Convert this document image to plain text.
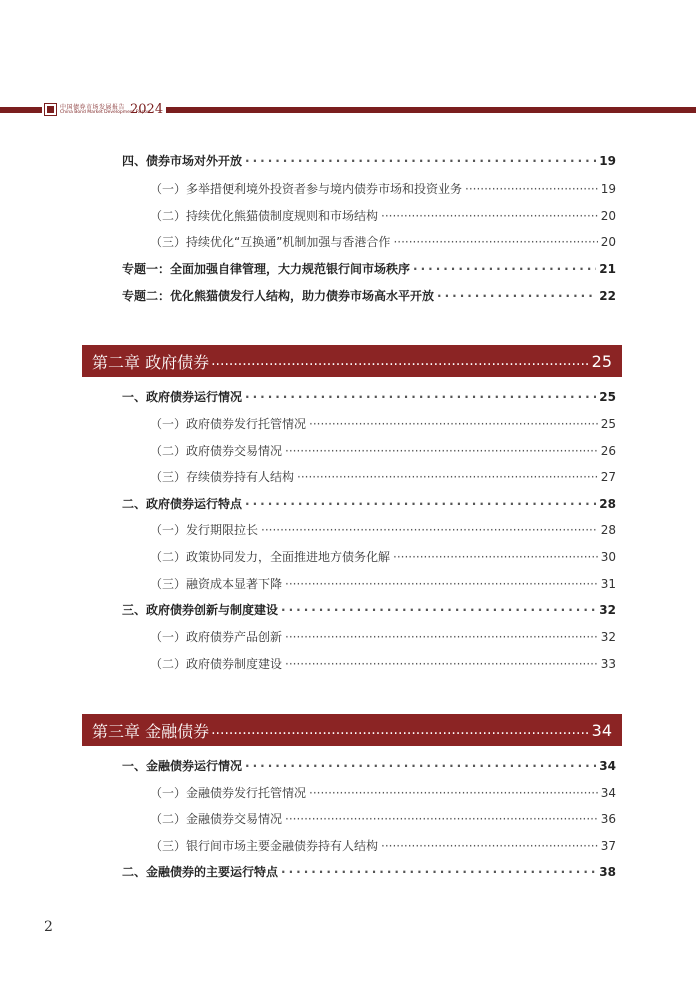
中国债券市场发展报告
China Bond Market Development Report
2024
四、债券市场对外开放 ·····	19
（一）多举措便利境外投资者参与境内债券市场和投资业务 ·····	19
（二）持续优化熊猫债制度规则和市场结构 ·····	20
（三）持续优化“互换通”机制加强与香港合作 ·····	20
专题一：全面加强自律管理，大力规范银行间市场秩序 ·····	21
专题二：优化熊猫债发行人结构，助力债券市场高水平开放 ·····	22
第二章 政府债券 .....	25
一、政府债券运行情况 ·····	25
（一）政府债券发行托管情况 ·····	25
（二）政府债券交易情况 ·····	26
（三）存续债券持有人结构 ·····	27
二、政府债券运行特点 ·····	28
（一）发行期限拉长 ·····	28
（二）政策协同发力，全面推进地方债务化解 ·····	30
（三）融资成本显著下降 ·····	31
三、政府债券创新与制度建设 ·····	32
（一）政府债券产品创新 ·····	32
（二）政府债券制度建设 ·····	33
第三章 金融债券 .....	34
一、金融债券运行情况 ·····	34
（一）金融债券发行托管情况 ·····	34
（二）金融债券交易情况 ·····	36
（三）银行间市场主要金融债券持有人结构 ·····	37
二、金融债券的主要运行特点 ·····	38
2
